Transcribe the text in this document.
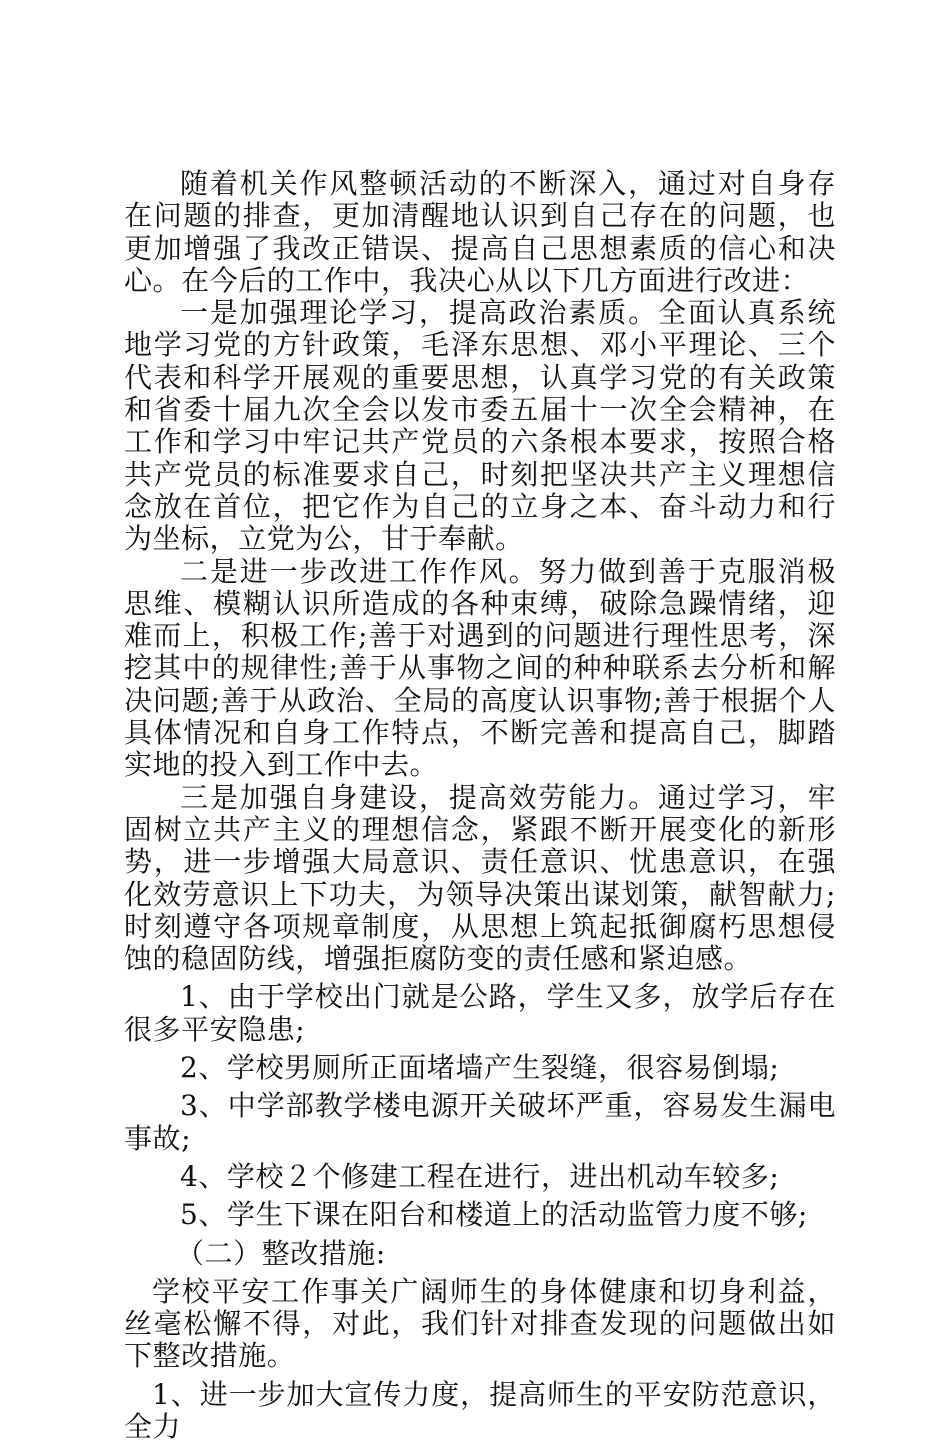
随着机关作风整顿活动的不断深入，通过对自身存在问题的排查，更加清醒地认识到自己存在的问题，也更加增强了我改正错误、提高自己思想素质的信心和决心。在今后的工作中，我决心从以下几方面进行改进：

一是加强理论学习，提高政治素质。全面认真系统地学习党的方针政策，毛泽东思想、邓小平理论、三个代表和科学开展观的重要思想，认真学习党的有关政策和省委十届九次全会以发市委五届十一次全会精神，在工作和学习中牢记共产党员的六条根本要求，按照合格共产党员的标准要求自己，时刻把坚决共产主义理想信念放在首位，把它作为自己的立身之本、奋斗动力和行为坐标，立党为公，甘于奉献。

二是进一步改进工作作风。努力做到善于克服消极思维、模糊认识所造成的各种束缚，破除急躁情绪，迎难而上，积极工作;善于对遇到的问题进行理性思考，深挖其中的规律性;善于从事物之间的种种联系去分析和解决问题;善于从政治、全局的高度认识事物;善于根据个人具体情况和自身工作特点，不断完善和提高自己，脚踏实地的投入到工作中去。

三是加强自身建设，提高效劳能力。通过学习，牢固树立共产主义的理想信念，紧跟不断开展变化的新形势，进一步增强大局意识、责任意识、忧患意识，在强化效劳意识上下功夫，为领导决策出谋划策，献智献力;时刻遵守各项规章制度，从思想上筑起抵御腐朽思想侵蚀的稳固防线，增强拒腐防变的责任感和紧迫感。

1、由于学校出门就是公路，学生又多，放学后存在很多平安隐患;

2、学校男厕所正面堵墙产生裂缝，很容易倒塌;

3、中学部教学楼电源开关破坏严重，容易发生漏电事故;

4、学校２个修建工程在进行，进出机动车较多;

5、学生下课在阳台和楼道上的活动监管力度不够;

（二）整改措施:

学校平安工作事关广阔师生的身体健康和切身利益，丝毫松懈不得，对此，我们针对排查发现的问题做出如下整改措施。

1、进一步加大宣传力度，提高师生的平安防范意识，全力
